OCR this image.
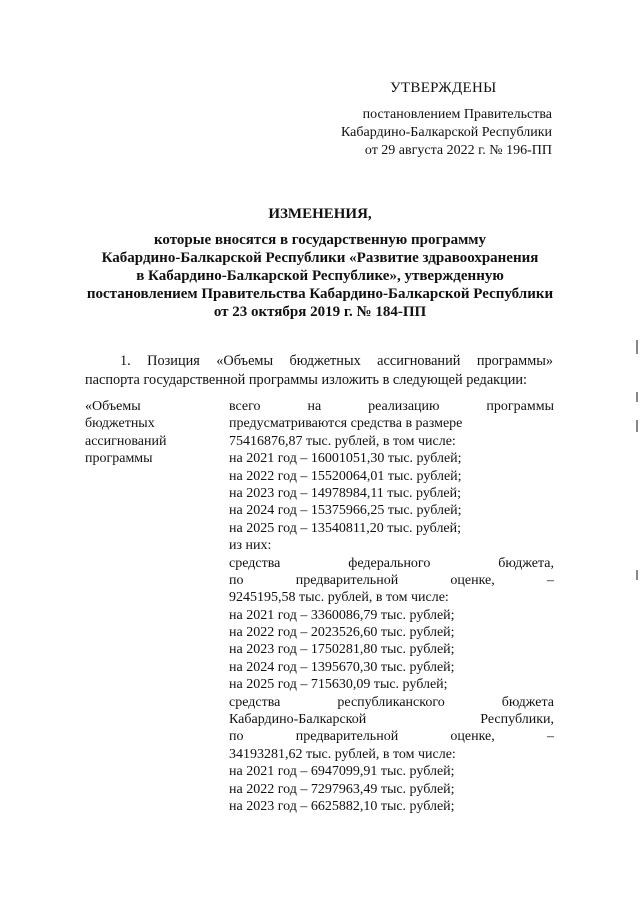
УТВЕРЖДЕНЫ
постановлением Правительства
Кабардино-Балкарской Республики
от 29 августа 2022 г. № 196-ПП
ИЗМЕНЕНИЯ,
которые вносятся в государственную программу
Кабардино-Балкарской Республики «Развитие здравоохранения
в Кабардино-Балкарской Республике», утвержденную
постановлением Правительства Кабардино-Балкарской Республики
от 23 октября 2019 г. № 184-ПП
1. Позиция «Объемы бюджетных ассигнований программы»
паспорта государственной программы изложить в следующей редакции:
«Объемы
бюджетных
ассигнований
программы
всего на реализацию программы
предусматриваются средства в размере
75416876,87 тыс. рублей, в том числе:
на 2021 год – 16001051,30 тыс. рублей;
на 2022 год – 15520064,01 тыс. рублей;
на 2023 год – 14978984,11 тыс. рублей;
на 2024 год – 15375966,25 тыс. рублей;
на 2025 год – 13540811,20 тыс. рублей;
из них:
средства федерального бюджета,
по предварительной оценке, –
9245195,58 тыс. рублей, в том числе:
на 2021 год – 3360086,79 тыс. рублей;
на 2022 год – 2023526,60 тыс. рублей;
на 2023 год – 1750281,80 тыс. рублей;
на 2024 год – 1395670,30 тыс. рублей;
на 2025 год – 715630,09 тыс. рублей;
средства республиканского бюджета
Кабардино-Балкарской Республики,
по предварительной оценке, –
34193281,62 тыс. рублей, в том числе:
на 2021 год – 6947099,91 тыс. рублей;
на 2022 год – 7297963,49 тыс. рублей;
на 2023 год – 6625882,10 тыс. рублей;
